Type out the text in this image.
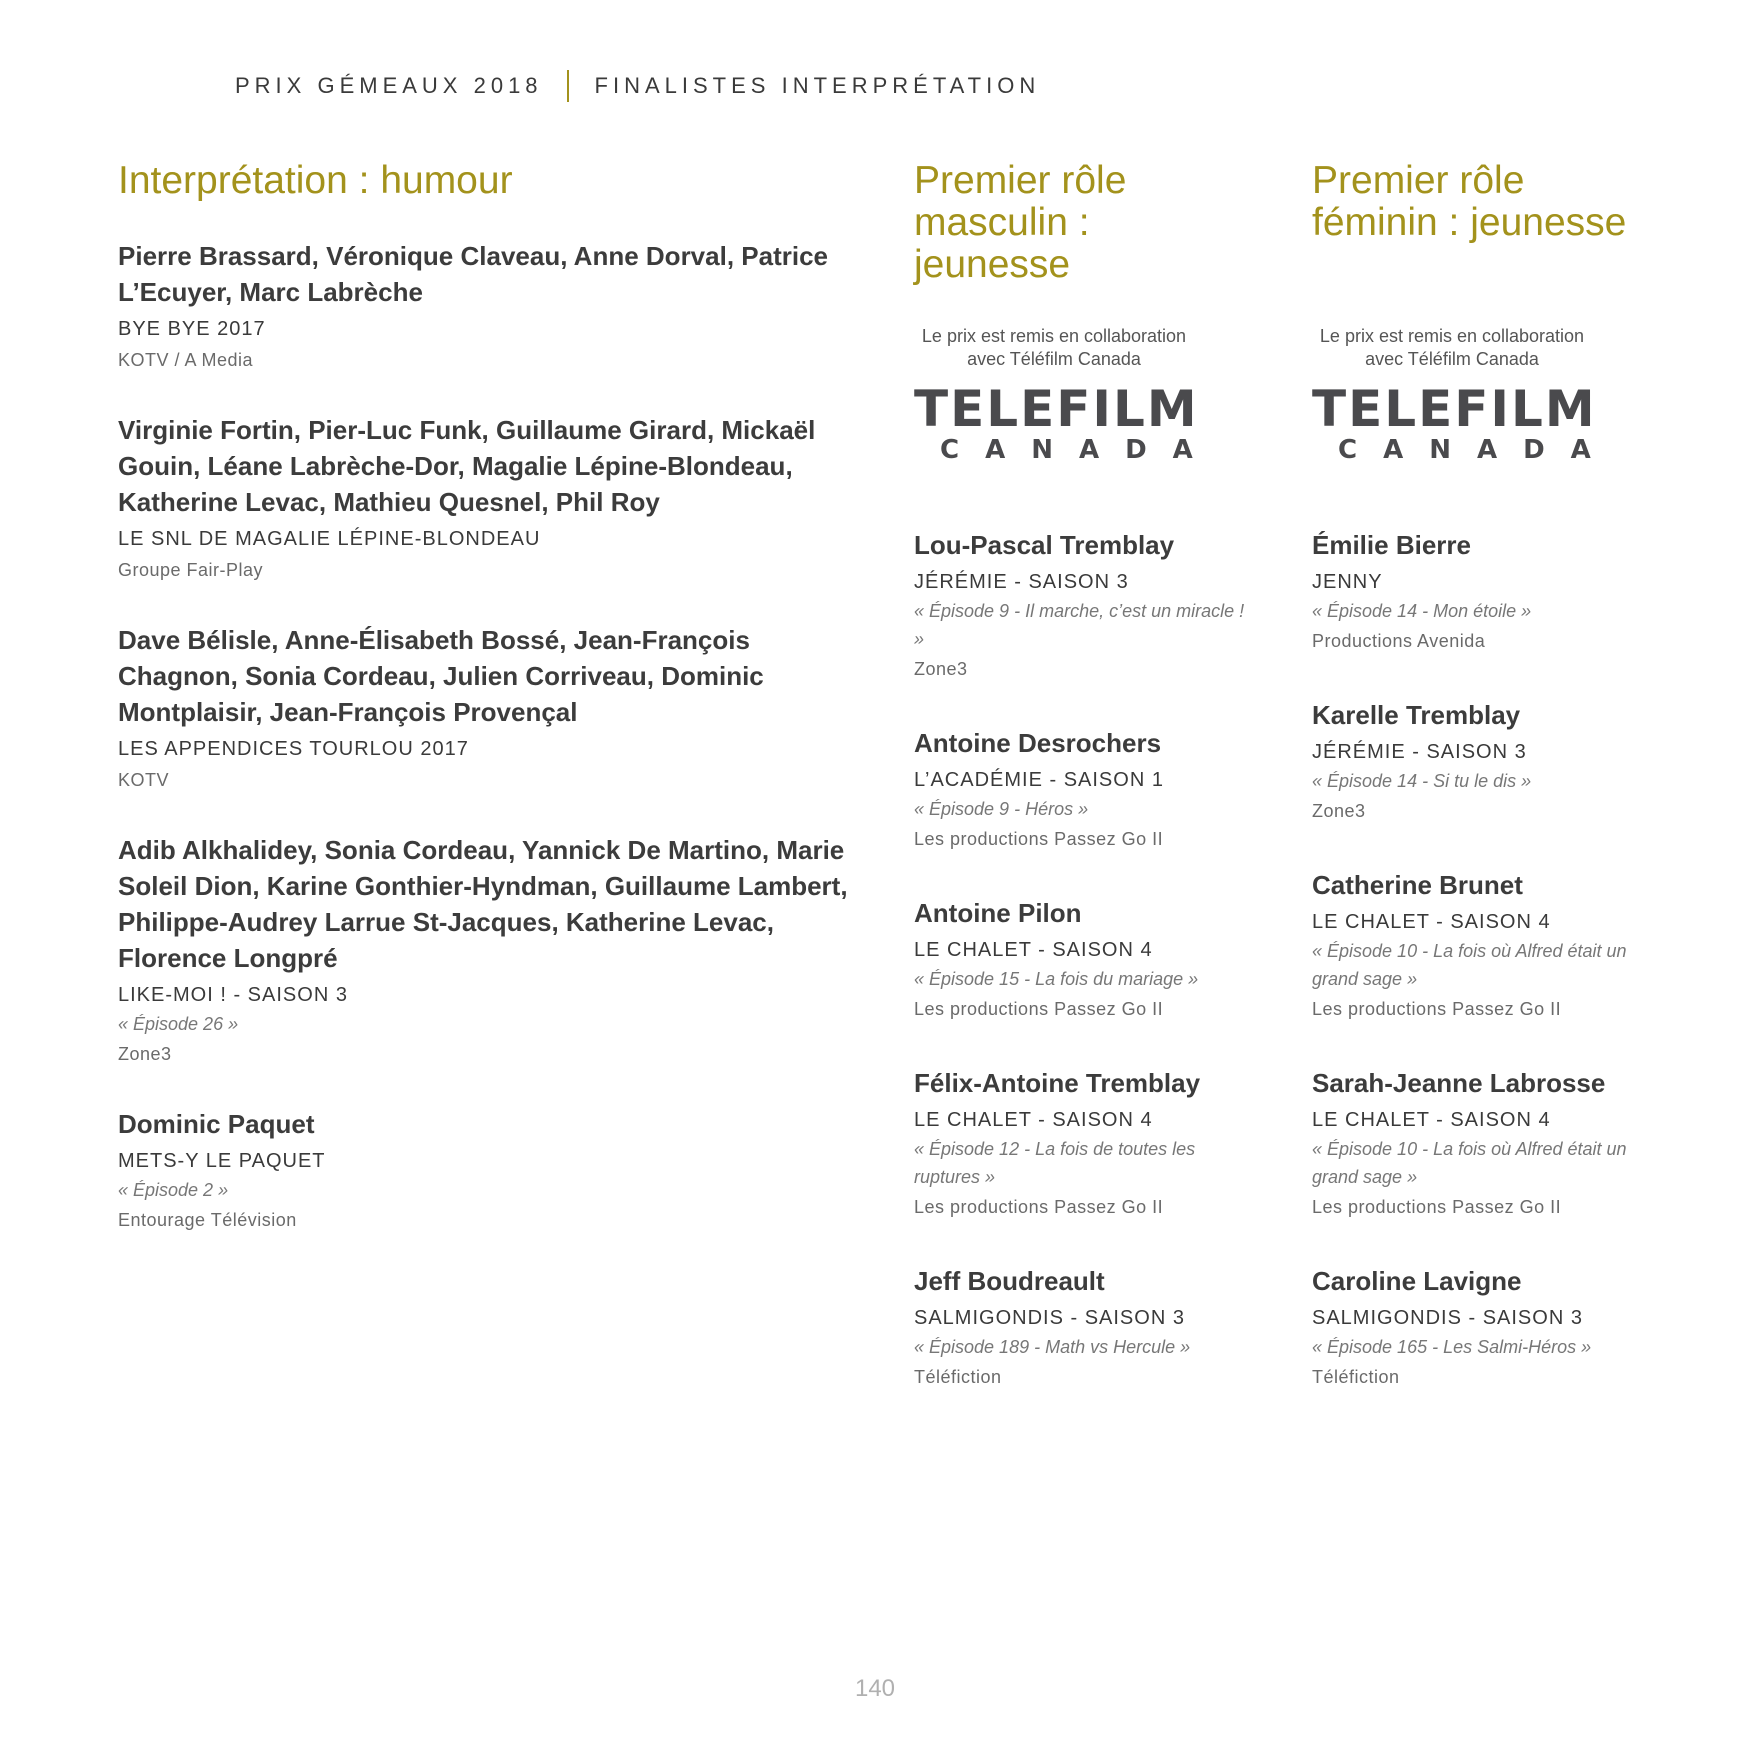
PRIX GÉMEAUX 2018 FINALISTES INTERPRÉTATION
Interprétation : humour

Pierre Brassard, Véronique Claveau, Anne Dorval, Patrice L’Ecuyer, Marc Labrèche

BYE BYE 2017

KOTV / A Media

Virginie Fortin, Pier-Luc Funk, Guillaume Girard, Mickaël Gouin, Léane Labrèche-Dor, Magalie Lépine-Blondeau, Katherine Levac, Mathieu Quesnel, Phil Roy

LE SNL DE MAGALIE LÉPINE-BLONDEAU

Groupe Fair-Play

Dave Bélisle, Anne-Élisabeth Bossé, Jean-François Chagnon, Sonia Cordeau, Julien Corriveau, Dominic Montplaisir, Jean-François Provençal

LES APPENDICES TOURLOU 2017

KOTV

Adib Alkhalidey, Sonia Cordeau, Yannick De Martino, Marie Soleil Dion, Karine Gonthier-Hyndman, Guillaume Lambert, Philippe-Audrey Larrue St-Jacques, Katherine Levac, Florence Longpré

LIKE-MOI ! - SAISON 3

« Épisode 26 »

Zone3

Dominic Paquet

METS-Y LE PAQUET

« Épisode 2 »

Entourage Télévision

Premier rôle masculin : jeunesse
Le prix est remis en collaboration avec Téléfilm Canada
TELEFILM
CANADA

Lou-Pascal Tremblay

JÉRÉMIE - SAISON 3

« Épisode 9 - Il marche, c’est un miracle ! »

Zone3

Antoine Desrochers

L’ACADÉMIE - SAISON 1

« Épisode 9 - Héros »

Les productions Passez Go II

Antoine Pilon

LE CHALET - SAISON 4

« Épisode 15 - La fois du mariage »

Les productions Passez Go II

Félix-Antoine Tremblay

LE CHALET - SAISON 4

« Épisode 12 - La fois de toutes les ruptures »

Les productions Passez Go II

Jeff Boudreault

SALMIGONDIS - SAISON 3

« Épisode 189 - Math vs Hercule »

Téléfiction

Premier rôle féminin : jeunesse
Le prix est remis en collaboration avec Téléfilm Canada
TELEFILM
CANADA

Émilie Bierre

JENNY

« Épisode 14 - Mon étoile »

Productions Avenida

Karelle Tremblay

JÉRÉMIE - SAISON 3

« Épisode 14 - Si tu le dis »

Zone3

Catherine Brunet

LE CHALET - SAISON 4

« Épisode 10 - La fois où Alfred était un grand sage »

Les productions Passez Go II

Sarah-Jeanne Labrosse

LE CHALET - SAISON 4

« Épisode 10 - La fois où Alfred était un grand sage »

Les productions Passez Go II

Caroline Lavigne

SALMIGONDIS - SAISON 3

« Épisode 165 - Les Salmi-Héros »

Téléfiction

140
